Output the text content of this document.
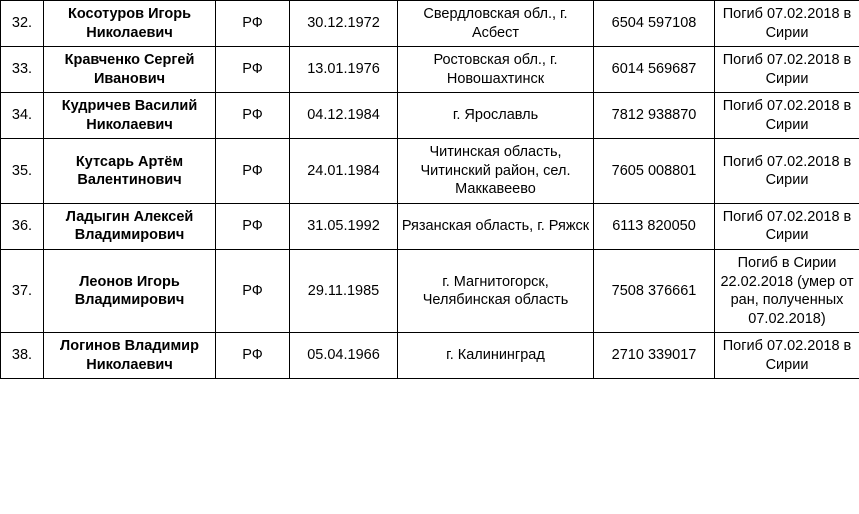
32.	Косотуров Игорь Николаевич	РФ	30.12.1972	Свердловская обл., г. Асбест	6504 597108	Погиб 07.02.2018 в Сирии
33.	Кравченко Сергей Иванович	РФ	13.01.1976	Ростовская обл., г. Новошахтинск	6014 569687	Погиб 07.02.2018 в Сирии
34.	Кудричев Василий Николаевич	РФ	04.12.1984	г. Ярославль	7812 938870	Погиб 07.02.2018 в Сирии
35.	Кутсарь Артём Валентинович	РФ	24.01.1984	Читинская область, Читинский район, сел. Маккавеево	7605 008801	Погиб 07.02.2018 в Сирии
36.	Ладыгин Алексей Владимирович	РФ	31.05.1992	Рязанская область, г. Ряжск	6113 820050	Погиб 07.02.2018 в Сирии
37.	Леонов Игорь Владимирович	РФ	29.11.1985	г. Магнитогорск, Челябинская область	7508 376661	Погиб в Сирии 22.02.2018 (умер от ран, полученных 07.02.2018)
38.	Логинов Владимир Николаевич	РФ	05.04.1966	г. Калининград	2710 339017	Погиб 07.02.2018 в Сирии
